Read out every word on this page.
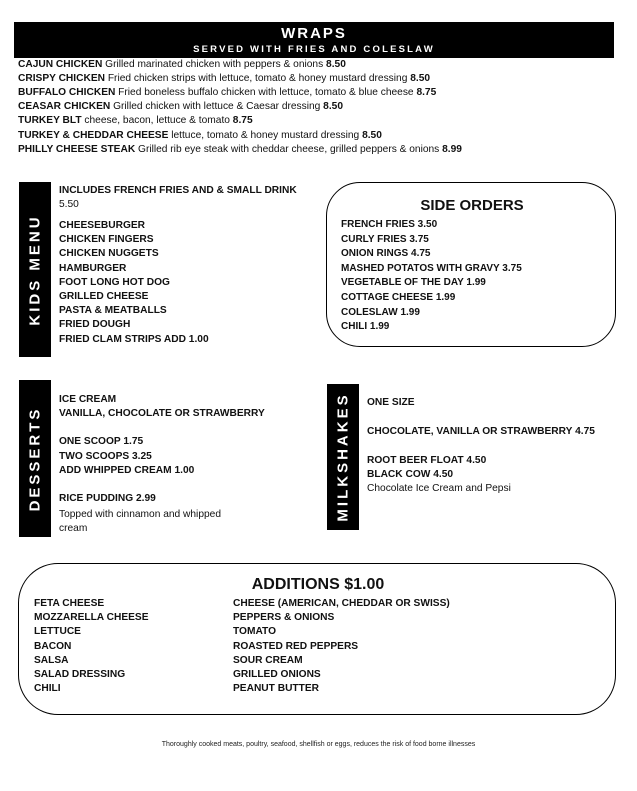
WRAPS
SERVED WITH FRIES AND COLESLAW
CAJUN CHICKEN Grilled marinated chicken with peppers & onions 8.50
CRISPY CHICKEN Fried chicken strips with lettuce, tomato & honey mustard dressing 8.50
BUFFALO CHICKEN Fried boneless buffalo chicken with lettuce, tomato & blue cheese 8.75
CEASAR CHICKEN Grilled chicken with lettuce & Caesar dressing 8.50
TURKEY BLT cheese, bacon, lettuce & tomato 8.75
TURKEY & CHEDDAR CHEESE lettuce, tomato & honey mustard dressing 8.50
PHILLY CHEESE STEAK Grilled rib eye steak with cheddar cheese, grilled peppers & onions 8.99
KIDS MENU
INCLUDES FRENCH FRIES AND & SMALL DRINK
5.50
CHEESEBURGER
CHICKEN FINGERS
CHICKEN NUGGETS
HAMBURGER
FOOT LONG HOT DOG
GRILLED CHEESE
PASTA & MEATBALLS
FRIED DOUGH
FRIED CLAM STRIPS ADD 1.00
SIDE ORDERS
FRENCH FRIES 3.50
CURLY FRIES 3.75
ONION RINGS 4.75
MASHED POTATOS WITH GRAVY 3.75
VEGETABLE OF THE DAY 1.99
COTTAGE CHEESE 1.99
COLESLAW 1.99
CHILI 1.99
DESSERTS
ICE CREAM
VANILLA, CHOCOLATE OR STRAWBERRY
ONE SCOOP 1.75
TWO SCOOPS 3.25
ADD WHIPPED CREAM 1.00
RICE PUDDING 2.99
Topped with cinnamon and whipped
cream
MILKSHAKES ONE SIZE
CHOCOLATE, VANILLA OR STRAWBERRY 4.75
ROOT BEER FLOAT 4.50
BLACK COW 4.50
Chocolate Ice Cream and Pepsi
ADDITIONS $1.00
FETA CHEESE
MOZZARELLA CHEESE
LETTUCE
BACON
SALSA
SALAD DRESSING
CHILI
CHEESE (AMERICAN, CHEDDAR OR SWISS)
PEPPERS & ONIONS
TOMATO
ROASTED RED PEPPERS
SOUR CREAM
GRILLED ONIONS
PEANUT BUTTER
Thoroughly cooked meats, poultry, seafood, shellfish or eggs, reduces the risk of food borne illnesses
